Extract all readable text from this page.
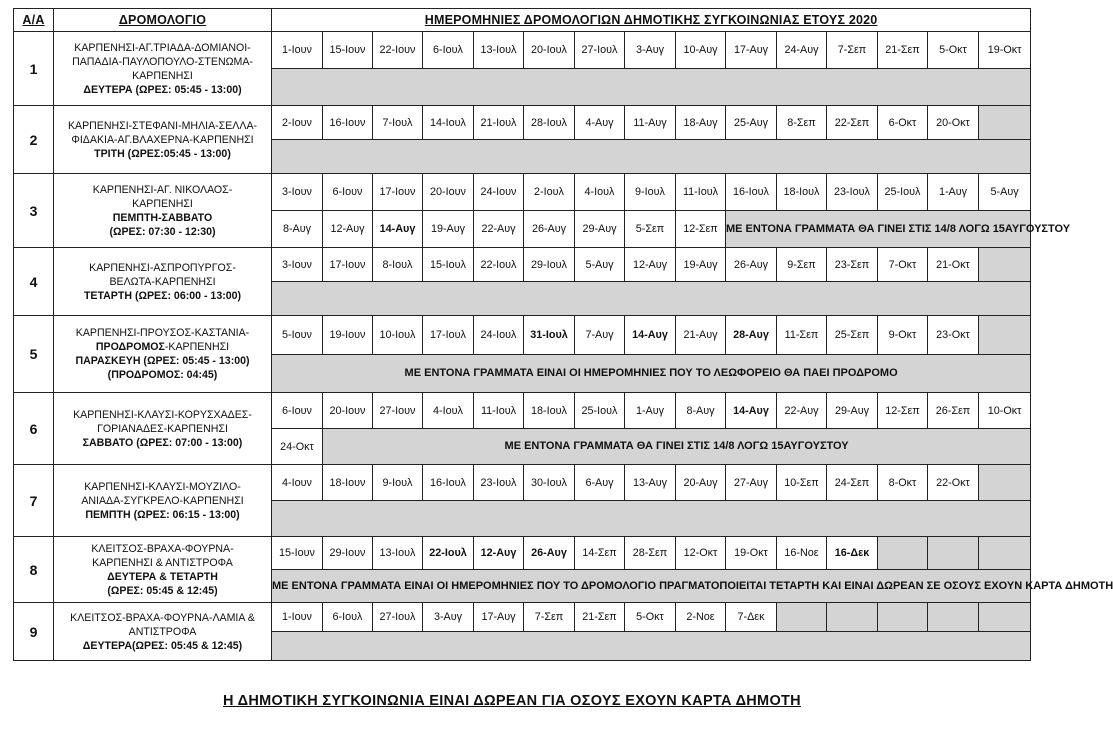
Α/Α	ΔΡΟΜΟΛΟΓΙΟ	ΗΜΕΡΟΜΗΝΙΕΣ ΔΡΟΜΟΛΟΓΙΩΝ ΔΗΜΟΤΙΚΗΣ ΣΥΓΚΟΙΝΩΝΙΑΣ ΕΤΟΥΣ 2020														
1	ΚΑΡΠΕΝΗΣΙ-ΑΓ.ΤΡΙΑΔΑ-ΔΟΜΙΑΝΟΙ-
ΠΑΠΑΔΙΑ-ΠΑΥΛΟΠΟΥΛΟ-ΣΤΕΝΩΜΑ-
ΚΑΡΠΕΝΗΣΙ
ΔΕΥΤΕΡΑ (ΩΡΕΣ: 05:45 - 13:00)	1-Ιουν	15-Ιουν	22-Ιουν	6-Ιουλ	13-Ιουλ	20-Ιουλ	27-Ιουλ	3-Αυγ	10-Αυγ	17-Αυγ	24-Αυγ	7-Σεπ	21-Σεπ	5-Οκτ	19-Οκτ

2	ΚΑΡΠΕΝΗΣΙ-ΣΤΕΦΑΝΙ-ΜΗΛΙΑ-ΣΕΛΛΑ-
ΦΙΔΑΚΙΑ-ΑΓ.ΒΛΑΧΕΡΝΑ-ΚΑΡΠΕΝΗΣΙ
ΤΡΙΤΗ (ΩΡΕΣ:05:45 - 13:00)	2-Ιουν	16-Ιουν	7-Ιουλ	14-Ιουλ	21-Ιουλ	28-Ιουλ	4-Αυγ	11-Αυγ	18-Αυγ	25-Αυγ	8-Σεπ	22-Σεπ	6-Οκτ	20-Οκτ	

3	ΚΑΡΠΕΝΗΣΙ-ΑΓ. ΝΙΚΟΛΑΟΣ-
ΚΑΡΠΕΝΗΣΙ
ΠΕΜΠΤΗ-ΣΑΒΒΑΤΟ
(ΩΡΕΣ: 07:30 - 12:30)	3-Ιουν	6-Ιουν	17-Ιουν	20-Ιουν	24-Ιουν	2-Ιουλ	4-Ιουλ	9-Ιουλ	11-Ιουλ	16-Ιουλ	18-Ιουλ	23-Ιουλ	25-Ιουλ	1-Αυγ	5-Αυγ
		8-Αυγ	12-Αυγ	14-Αυγ	19-Αυγ	22-Αυγ	26-Αυγ	29-Αυγ	5-Σεπ	12-Σεπ	ΜΕ ΕΝΤΟΝΑ ΓΡΑΜΜΑΤΑ ΘΑ ΓΙΝΕΙ ΣΤΙΣ 14/8 ΛΟΓΩ 15ΑΥΓΟΥΣΤΟΥ					
4	ΚΑΡΠΕΝΗΣΙ-ΑΣΠΡΟΠΥΡΓΟΣ-
ΒΕΛΩΤΑ-ΚΑΡΠΕΝΗΣΙ
ΤΕΤΑΡΤΗ (ΩΡΕΣ: 06:00 - 13:00)	3-Ιουν	17-Ιουν	8-Ιουλ	15-Ιουλ	22-Ιουλ	29-Ιουλ	5-Αυγ	12-Αυγ	19-Αυγ	26-Αυγ	9-Σεπ	23-Σεπ	7-Οκτ	21-Οκτ	

5	ΚΑΡΠΕΝΗΣΙ-ΠΡΟΥΣΟΣ-ΚΑΣΤΑΝΙΑ-
ΠΡΟΔΡΟΜΟΣ-ΚΑΡΠΕΝΗΣΙ
ΠΑΡΑΣΚΕΥΗ (ΩΡΕΣ: 05:45 - 13:00)
(ΠΡΟΔΡΟΜΟΣ: 04:45)	5-Ιουν	19-Ιουν	10-Ιουλ	17-Ιουλ	24-Ιουλ	31-Ιουλ	7-Αυγ	14-Αυγ	21-Αυγ	28-Αυγ	11-Σεπ	25-Σεπ	9-Οκτ	23-Οκτ	
		ΜΕ ΕΝΤΟΝΑ ΓΡΑΜΜΑΤΑ ΕΙΝΑΙ ΟΙ ΗΜΕΡΟΜΗΝΙΕΣ ΠΟΥ ΤΟ ΛΕΩΦΟΡΕΙΟ ΘΑ ΠΑΕΙ ΠΡΟΔΡΟΜΟ														
6	ΚΑΡΠΕΝΗΣΙ-ΚΛΑΥΣΙ-ΚΟΡΥΣΧΑΔΕΣ-
ΓΟΡΙΑΝΑΔΕΣ-ΚΑΡΠΕΝΗΣΙ
ΣΑΒΒΑΤΟ (ΩΡΕΣ: 07:00 - 13:00)	6-Ιουν	20-Ιουν	27-Ιουν	4-Ιουλ	11-Ιουλ	18-Ιουλ	25-Ιουλ	1-Αυγ	8-Αυγ	14-Αυγ	22-Αυγ	29-Αυγ	12-Σεπ	26-Σεπ	10-Οκτ
		24-Οκτ	ΜΕ ΕΝΤΟΝΑ ΓΡΑΜΜΑΤΑ ΘΑ ΓΙΝΕΙ ΣΤΙΣ 14/8 ΛΟΓΩ 15ΑΥΓΟΥΣΤΟΥ													
7	ΚΑΡΠΕΝΗΣΙ-ΚΛΑΥΣΙ-ΜΟΥΖΙΛΟ-
ΑΝΙΑΔΑ-ΣΥΓΚΡΕΛΟ-ΚΑΡΠΕΝΗΣΙ
ΠΕΜΠΤΗ (ΩΡΕΣ: 06:15 - 13:00)	4-Ιουν	18-Ιουν	9-Ιουλ	16-Ιουλ	23-Ιουλ	30-Ιουλ	6-Αυγ	13-Αυγ	20-Αυγ	27-Αυγ	10-Σεπ	24-Σεπ	8-Οκτ	22-Οκτ	

8	ΚΛΕΙΤΣΟΣ-ΒΡΑΧΑ-ΦΟΥΡΝΑ-
ΚΑΡΠΕΝΗΣΙ & ΑΝΤΙΣΤΡΟΦΑ
ΔΕΥΤΕΡΑ & ΤΕΤΑΡΤΗ
(ΩΡΕΣ: 05:45 & 12:45)	15-Ιουν	29-Ιουν	13-Ιουλ	22-Ιουλ	12-Αυγ	26-Αυγ	14-Σεπ	28-Σεπ	12-Οκτ	19-Οκτ	16-Νοε	16-Δεκ			
		ΜΕ ΕΝΤΟΝΑ ΓΡΑΜΜΑΤΑ ΕΙΝΑΙ ΟΙ ΗΜΕΡΟΜΗΝΙΕΣ ΠΟΥ ΤΟ ΔΡΟΜΟΛΟΓΙΟ ΠΡΑΓΜΑΤΟΠΟΙΕΙΤΑΙ ΤΕΤΑΡΤΗ ΚΑΙ ΕΙΝΑΙ ΔΩΡΕΑΝ ΣΕ ΟΣΟΥΣ ΕΧΟΥΝ ΚΑΡΤΑ ΔΗΜΟΤΗ														
9	ΚΛΕΙΤΣΟΣ-ΒΡΑΧΑ-ΦΟΥΡΝΑ-ΛΑΜΙΑ &
ΑΝΤΙΣΤΡΟΦΑ
ΔΕΥΤΕΡΑ(ΩΡΕΣ: 05:45 & 12:45)	1-Ιουν	6-Ιουλ	27-Ιουλ	3-Αυγ	17-Αυγ	7-Σεπ	21-Σεπ	5-Οκτ	2-Νοε	7-Δεκ					

Η ΔΗΜΟΤΙΚΗ ΣΥΓΚΟΙΝΩΝΙΑ ΕΙΝΑΙ ΔΩΡΕΑΝ ΓΙΑ ΟΣΟΥΣ ΕΧΟΥΝ ΚΑΡΤΑ ΔΗΜΟΤΗ
